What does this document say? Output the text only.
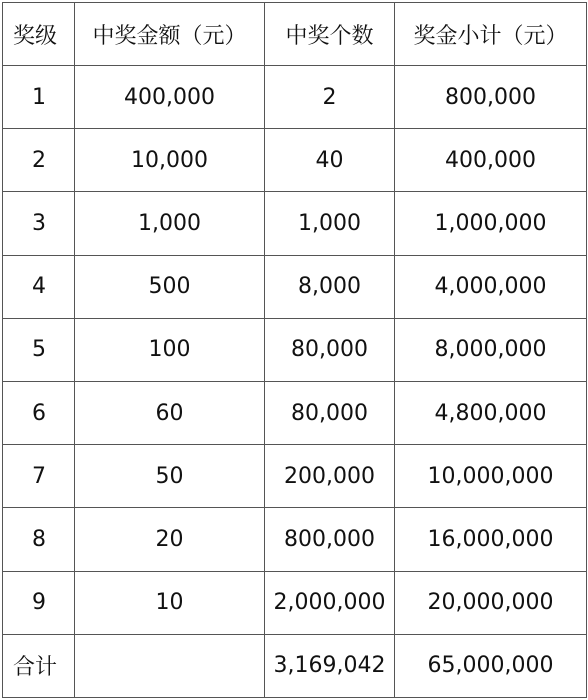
奖级	中奖金额（元）	中奖个数	奖金小计（元）
1	400,000	2	800,000
2	10,000	40	400,000
3	1,000	1,000	1,000,000
4	500	8,000	4,000,000
5	100	80,000	8,000,000
6	60	80,000	4,800,000
7	50	200,000	10,000,000
8	20	800,000	16,000,000
9	10	2,000,000	20,000,000
合计		3,169,042	65,000,000
